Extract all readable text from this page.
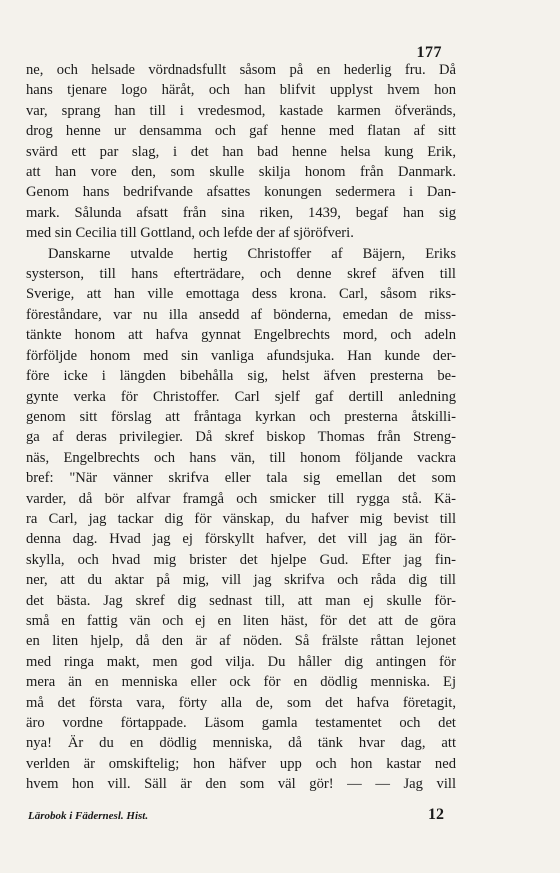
177
ne, och helsade vördnadsfullt såsom på en hederlig fru. Då
hans tjenare logo häråt, och han blifvit upplyst hvem hon
var, sprang han till i vredesmod, kastade karmen öfveränds,
drog henne ur densamma och gaf henne med flatan af sitt
svärd ett par slag, i det han bad henne helsa kung Erik,
att han vore den, som skulle skilja honom från Danmark.
Genom hans bedrifvande afsattes konungen sedermera i Dan-
mark. Sålunda afsatt från sina riken, 1439, begaf han sig
med sin Cecilia till Gottland, och lefde der af sjöröfveri.
Danskarne utvalde hertig Christoffer af Bäjern, Eriks
systerson, till hans efterträdare, och denne skref äfven till
Sverige, att han ville emottaga dess krona. Carl, såsom riks-
föreståndare, var nu illa ansedd af bönderna, emedan de miss-
tänkte honom att hafva gynnat Engelbrechts mord, och adeln
förföljde honom med sin vanliga afundsjuka. Han kunde der-
före icke i längden bibehålla sig, helst äfven presterna be-
gynte verka för Christoffer. Carl sjelf gaf dertill anledning
genom sitt förslag att fråntaga kyrkan och presterna åtskilli-
ga af deras privilegier. Då skref biskop Thomas från Streng-
näs, Engelbrechts och hans vän, till honom följande vackra
bref: "När vänner skrifva eller tala sig emellan det som
varder, då bör alfvar framgå och smicker till rygga stå. Kä-
ra Carl, jag tackar dig för vänskap, du hafver mig bevist till
denna dag. Hvad jag ej förskyllt hafver, det vill jag än för-
skylla, och hvad mig brister det hjelpe Gud. Efter jag fin-
ner, att du aktar på mig, vill jag skrifva och råda dig till
det bästa. Jag skref dig sednast till, att man ej skulle för-
små en fattig vän och ej en liten häst, för det att de göra
en liten hjelp, då den är af nöden. Så frälste råttan lejonet
med ringa makt, men god vilja. Du håller dig antingen för
mera än en menniska eller ock för en dödlig menniska. Ej
må det första vara, förty alla de, som det hafva företagit,
äro vordne förtappade. Läsom gamla testamentet och det
nya! Är du en dödlig menniska, då tänk hvar dag, att
verlden är omskiftelig; hon häfver upp och hon kastar ned
hvem hon vill. Säll är den som väl gör! — — Jag vill
Lärobok i Fädernesl. Hist.	12
